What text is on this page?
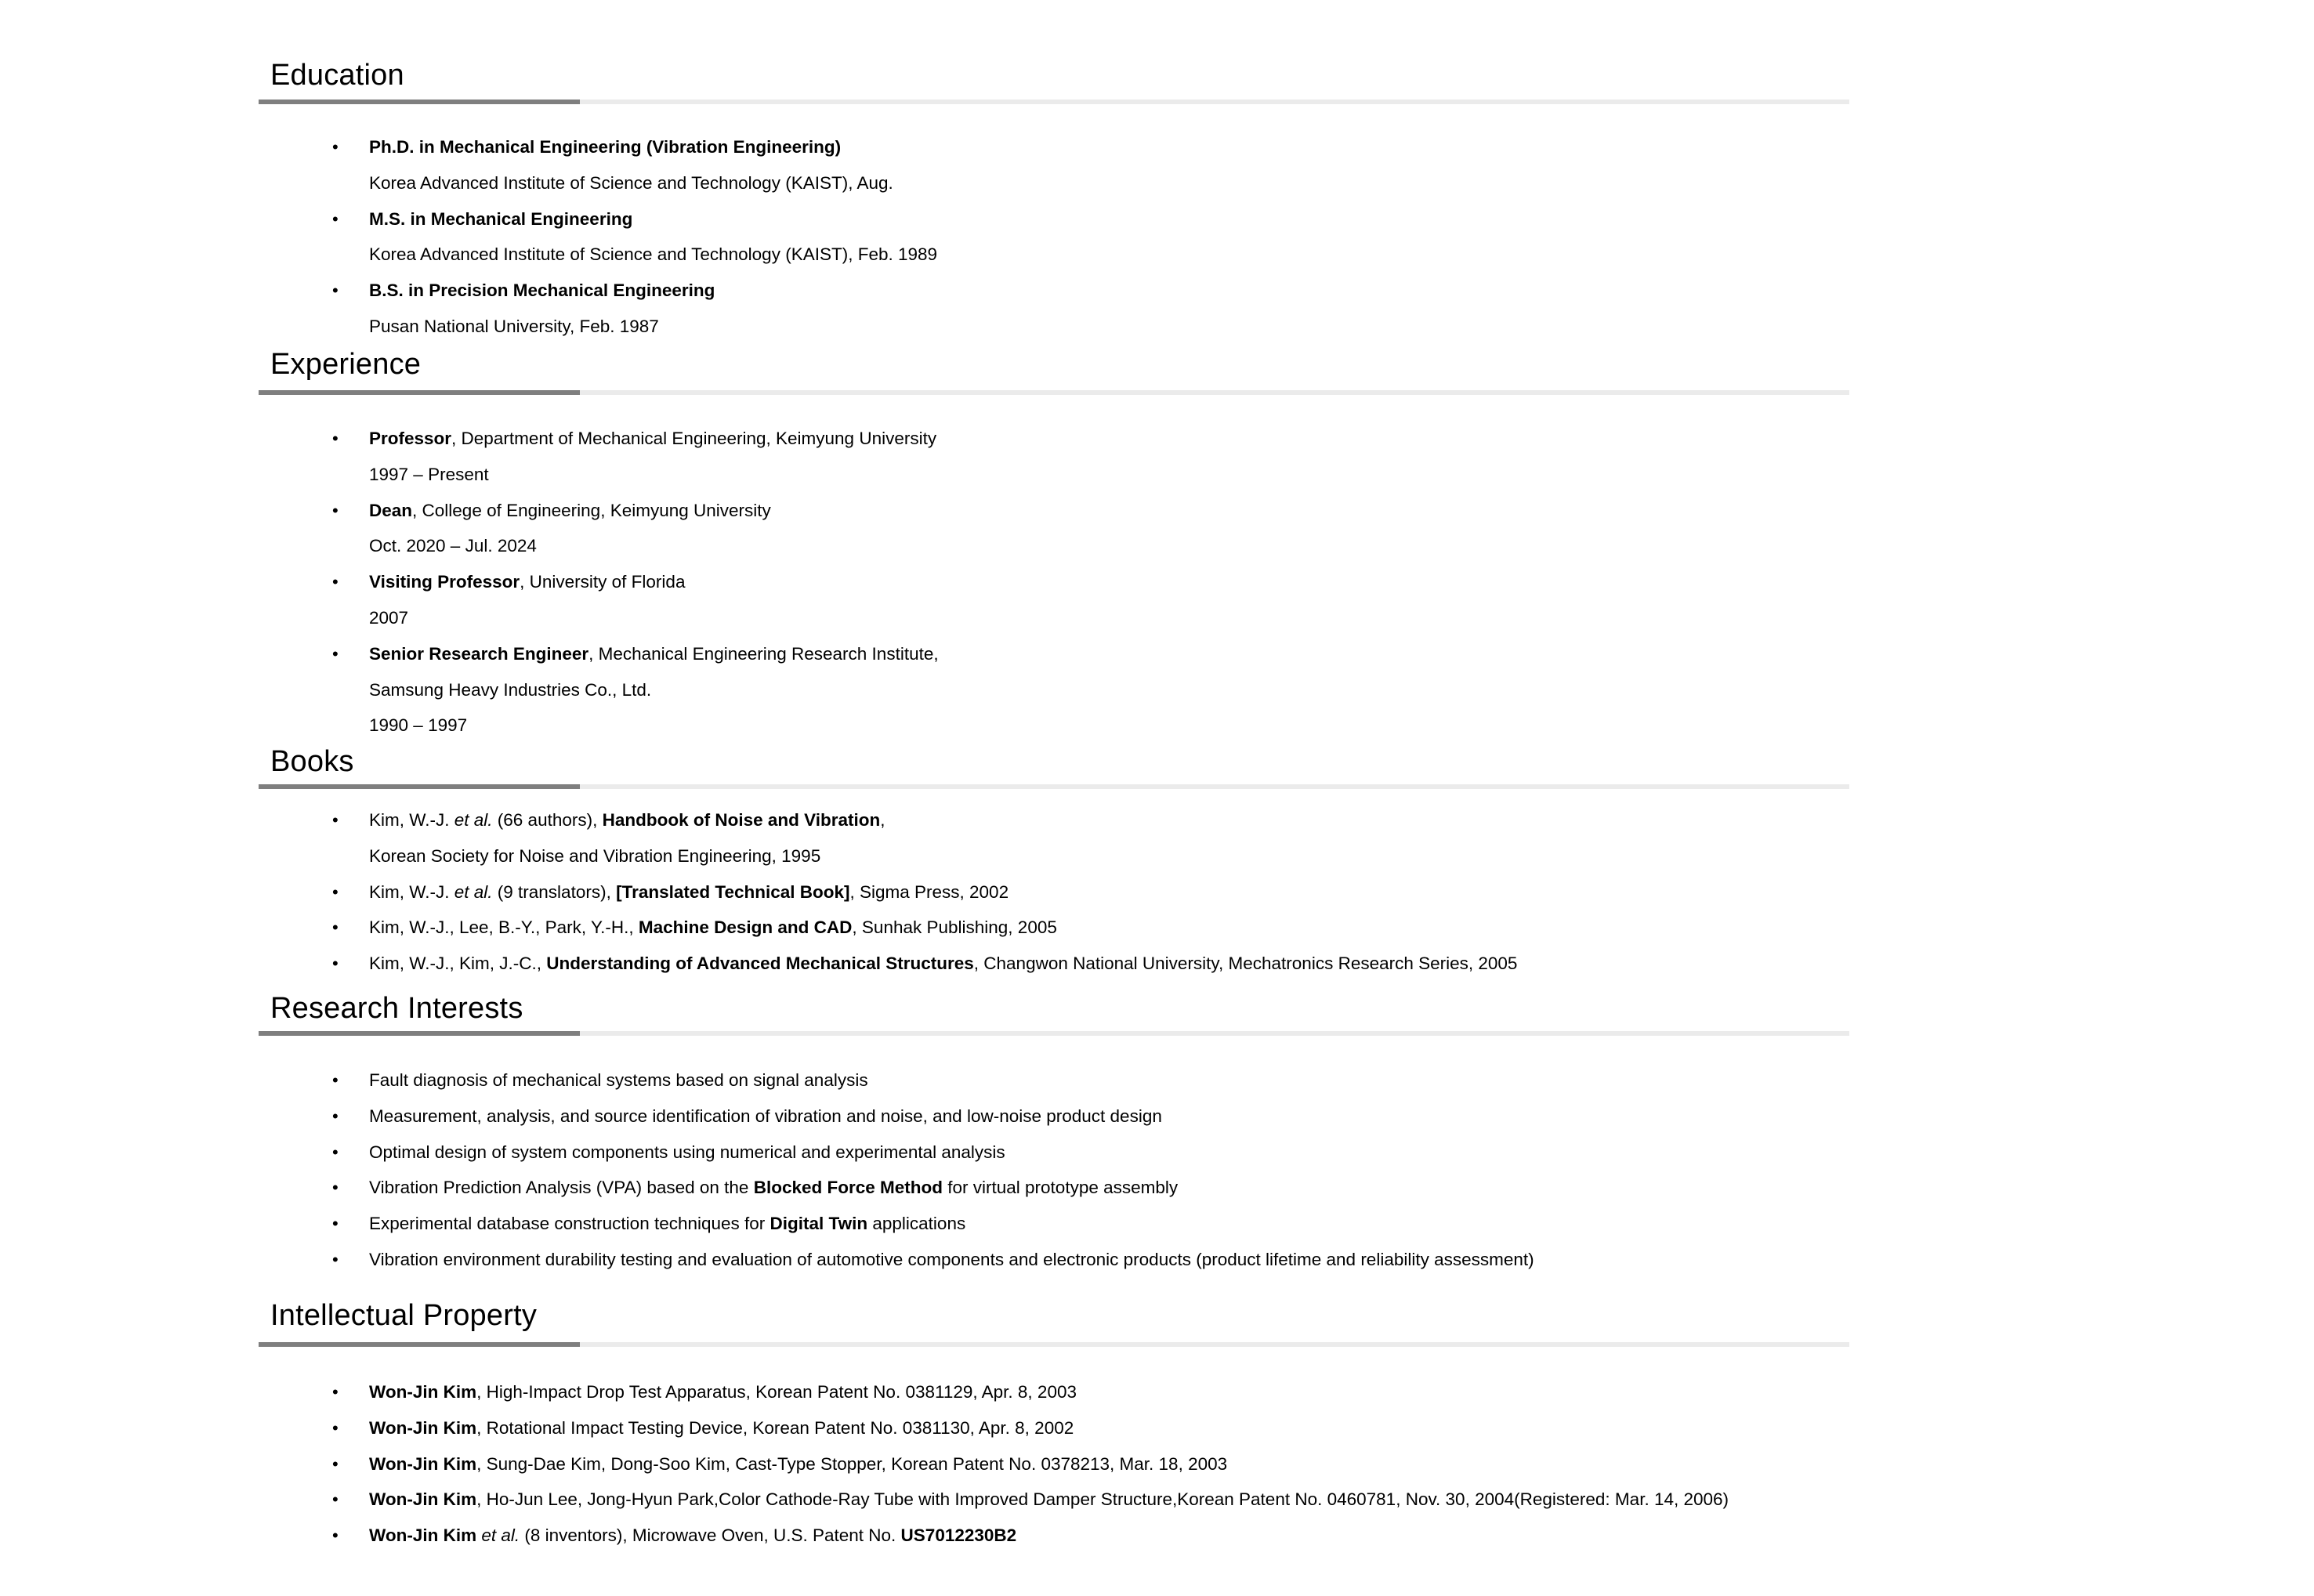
Education
• Ph.D. in Mechanical Engineering (Vibration Engineering)
Korea Advanced Institute of Science and Technology (KAIST), Aug.
• M.S. in Mechanical Engineering
Korea Advanced Institute of Science and Technology (KAIST), Feb. 1989
• B.S. in Precision Mechanical Engineering
Pusan National University, Feb. 1987
Experience
• Professor, Department of Mechanical Engineering, Keimyung University
1997 – Present
• Dean, College of Engineering, Keimyung University
Oct. 2020 – Jul. 2024
• Visiting Professor, University of Florida
2007
• Senior Research Engineer, Mechanical Engineering Research Institute,
Samsung Heavy Industries Co., Ltd.
1990 – 1997
Books
• Kim, W.-J. et al. (66 authors), Handbook of Noise and Vibration,
Korean Society for Noise and Vibration Engineering, 1995
• Kim, W.-J. et al. (9 translators), [Translated Technical Book], Sigma Press, 2002
• Kim, W.-J., Lee, B.-Y., Park, Y.-H., Machine Design and CAD, Sunhak Publishing, 2005
• Kim, W.-J., Kim, J.-C., Understanding of Advanced Mechanical Structures, Changwon National University, Mechatronics Research Series, 2005
Research Interests
• Fault diagnosis of mechanical systems based on signal analysis
• Measurement, analysis, and source identification of vibration and noise, and low-noise product design
• Optimal design of system components using numerical and experimental analysis
• Vibration Prediction Analysis (VPA) based on the Blocked Force Method for virtual prototype assembly
• Experimental database construction techniques for Digital Twin applications
• Vibration environment durability testing and evaluation of automotive components and electronic products (product lifetime and reliability assessment)
Intellectual Property
• Won-Jin Kim, High-Impact Drop Test Apparatus, Korean Patent No. 0381129, Apr. 8, 2003
• Won-Jin Kim, Rotational Impact Testing Device, Korean Patent No. 0381130, Apr. 8, 2002
• Won-Jin Kim, Sung-Dae Kim, Dong-Soo Kim, Cast-Type Stopper, Korean Patent No. 0378213, Mar. 18, 2003
• Won-Jin Kim, Ho-Jun Lee, Jong-Hyun Park,Color Cathode-Ray Tube with Improved Damper Structure,Korean Patent No. 0460781, Nov. 30, 2004(Registered: Mar. 14, 2006)
• Won-Jin Kim et al. (8 inventors), Microwave Oven, U.S. Patent No. US7012230B2
